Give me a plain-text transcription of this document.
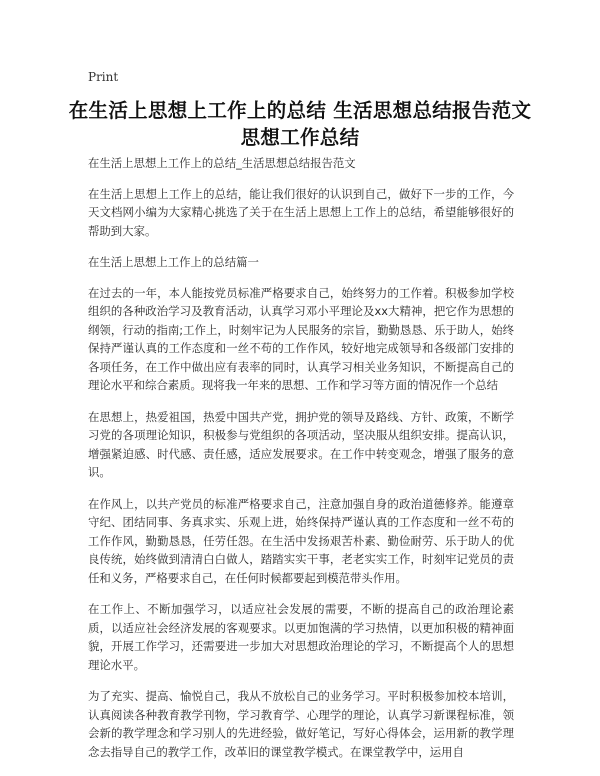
Print
在生活上思想上工作上的总结 生活思想总结报告范文思想工作总结

在生活上思想上工作上的总结_生活思想总结报告范文

在生活上思想上工作上的总结，能让我们很好的认识到自己，做好下一步的工作，今天文档网小编为大家精心挑选了关于在生活上思想上工作上的总结，希望能够很好的帮助到大家。

在生活上思想上工作上的总结篇一

在过去的一年，本人能按党员标准严格要求自己，始终努力的工作着。积极参加学校组织的各种政治学习及教育活动，认真学习邓小平理论及xx大精神，把它作为思想的纲领，行动的指南;工作上，时刻牢记为人民服务的宗旨，勤勤恳恳、乐于助人，始终保持严谨认真的工作态度和一丝不苟的工作作风，较好地完成领导和各级部门安排的各项任务，在工作中做出应有表率的同时，认真学习相关业务知识，不断提高自己的理论水平和综合素质。现将我一年来的思想、工作和学习等方面的情况作一个总结

在思想上，热爱祖国，热爱中国共产党，拥护党的领导及路线、方针、政策，不断学习党的各项理论知识，积极参与党组织的各项活动，坚决服从组织安排。提高认识，增强紧迫感、时代感、责任感，适应发展要求。在工作中转变观念，增强了服务的意识。

在作风上，以共产党员的标准严格要求自己，注意加强自身的政治道德修养。能遵章守纪、团结同事、务真求实、乐观上进，始终保持严谨认真的工作态度和一丝不苟的工作作风，勤勤恳恳，任劳任怨。在生活中发扬艰苦朴素、勤俭耐劳、乐于助人的优良传统，始终做到清清白白做人，踏踏实实干事，老老实实工作，时刻牢记党员的责任和义务，严格要求自己，在任何时候都要起到模范带头作用。

在工作上、不断加强学习，以适应社会发展的需要，不断的提高自己的政治理论素质，以适应社会经济发展的客观要求。以更加饱满的学习热情，以更加积极的精神面貌，开展工作学习，还需要进一步加大对思想政治理论的学习，不断提高个人的思想理论水平。

为了充实、提高、愉悦自己，我从不放松自己的业务学习。平时积极参加校本培训，认真阅读各种教育教学刊物，学习教育学、心理学的理论，认真学习新课程标准，领会新的教学理念和学习别人的先进经验，做好笔记，写好心得体会，运用新的教学理念去指导自己的教学工作，改革旧的课堂教学模式。在课堂教学中，运用自
